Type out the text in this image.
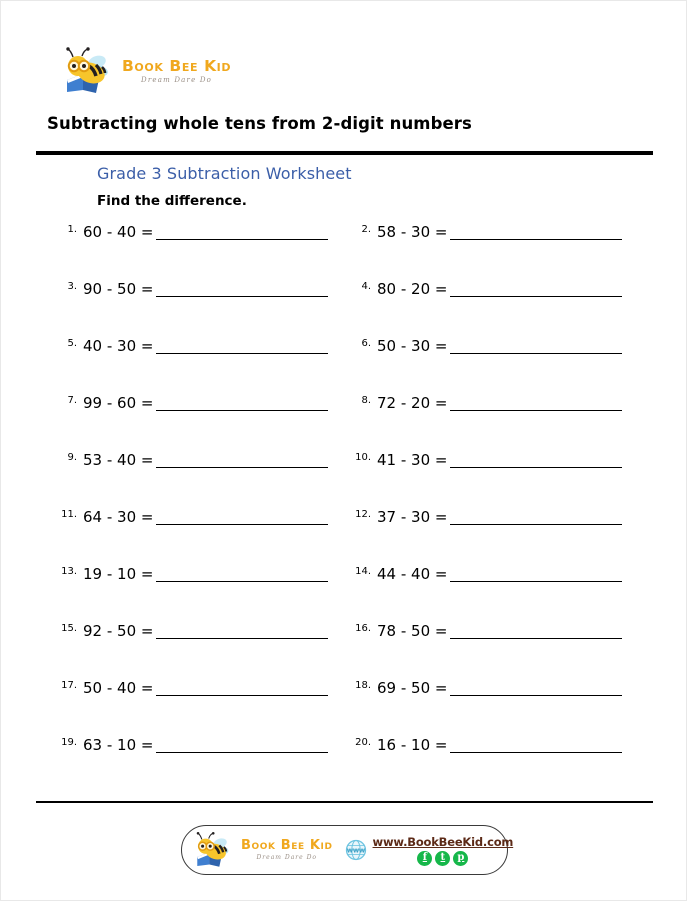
Book Bee Kid
Dream Dare Do
Subtracting whole tens from 2-digit numbers
Grade 3 Subtraction Worksheet
Find the difference.
1. 60 - 40 =	2. 58 - 30 =
3. 90 - 50 =	4. 80 - 20 =
5. 40 - 30 =	6. 50 - 30 =
7. 99 - 60 =	8. 72 - 20 =
9. 53 - 40 =	10. 41 - 30 =
11. 64 - 30 =	12. 37 - 30 =
13. 19 - 10 =	14. 44 - 40 =
15. 92 - 50 =	16. 78 - 50 =
17. 50 - 40 =	18. 69 - 50 =
19. 63 - 10 =	20. 16 - 10 =
Book Bee Kid
Dream Dare Do
WWW
www.BookBeeKid.com
f	t	p
